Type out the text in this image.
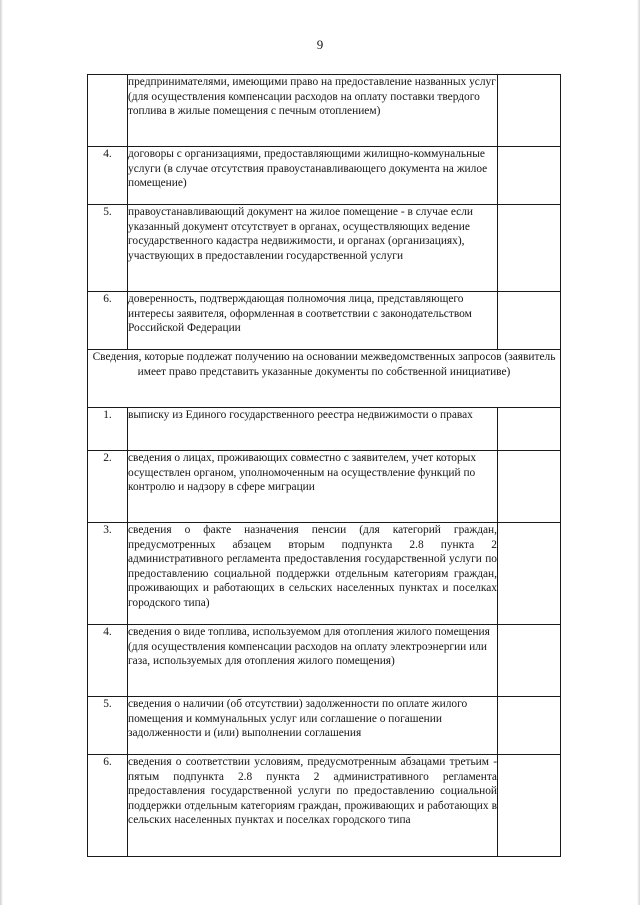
9
	предпринимателями, имеющими право на предоставление названных услуг (для осуществления компенсации расходов на оплату поставки твердого топлива в жилые помещения с печным отоплением)	
4.	договоры с организациями, предоставляющими жилищно-коммунальные услуги (в случае отсутствия правоустанавливающего документа на жилое помещение)	
5.	правоустанавливающий документ на жилое помещение - в случае если указанный документ отсутствует в органах, осуществляющих ведение государственного кадастра недвижимости, и органах (организациях), участвующих в предоставлении государственной услуги	
6.	доверенность, подтверждающая полномочия лица, представляющего интересы заявителя, оформленная в соответствии с законодательством Российской Федерации	
Сведения, которые подлежат получению на основании межведомственных запросов (заявитель имеет право представить указанные документы по собственной инициативе)		
1.	выписку из Единого государственного реестра недвижимости о правах	
2.	сведения о лицах, проживающих совместно с заявителем, учет которых осуществлен органом, уполномоченным на осуществление функций по контролю и надзору в сфере миграции	
3.	сведения о факте назначения пенсии (для категорий граждан, предусмотренных абзацем вторым подпункта 2.8 пункта 2 административного регламента предоставления государственной услуги по предоставлению социальной поддержки отдельным категориям граждан, проживающих и работающих в сельских населенных пунктах и поселках городского типа)	
4.	сведения о виде топлива, используемом для отопления жилого помещения (для осуществления компенсации расходов на оплату электроэнергии или газа, используемых для отопления жилого помещения)	
5.	сведения о наличии (об отсутствии) задолженности по оплате жилого помещения и коммунальных услуг или соглашение о погашении задолженности и (или) выполнении соглашения	
6.	сведения о соответствии условиям, предусмотренным абзацами третьим - пятым подпункта 2.8 пункта 2 административного регламента предоставления государственной услуги по предоставлению социальной поддержки отдельным категориям граждан, проживающих и работающих в сельских населенных пунктах и поселках городского типа	
